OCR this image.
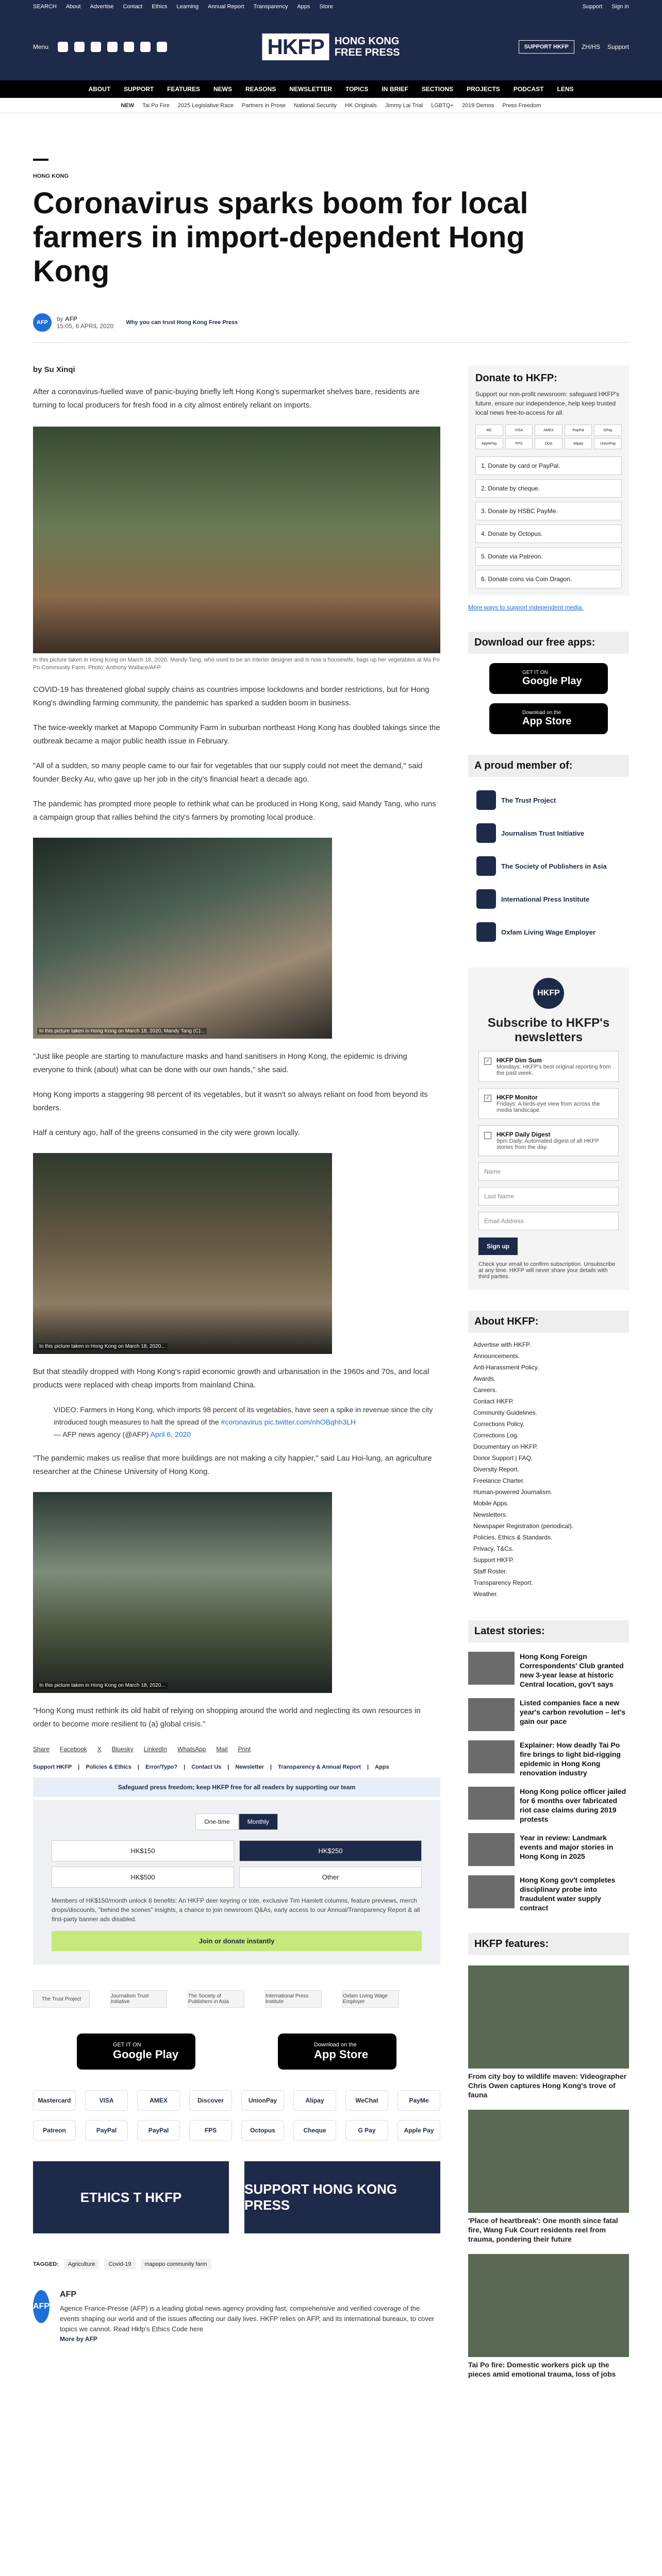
SEARCH About Advertise Contact Ethics Learning Annual Report Transparency Apps Store	Support Sign in
Menu	HKFP	HONG KONG
FREE PRESS	SUPPORT HKFP	ZH/HS Support
ABOUT SUPPORT FEATURES NEWS REASONS NEWSLETTER TOPICS IN BRIEF SECTIONS PROJECTS PODCAST LENS
NEW Tai Po Fire 2025 Legislative Race Partners in Prose National Security HK Originals Jimmy Lai Trial LGBTQ+ 2019 Demos Press Freedom
HONG KONG
Coronavirus sparks boom for local farmers in import-dependent Hong Kong
AFP	by AFP
15:05, 6 APRIL 2020 Why you can trust Hong Kong Free Press
by Su Xinqi

After a coronavirus-fuelled wave of panic-buying briefly left Hong Kong's supermarket shelves bare, residents are turning to local producers for fresh food in a city almost entirely reliant on imports.

In this picture taken in Hong Kong on March 18, 2020, Mandy Tang, who used to be an interior designer and is now a housewife, bags up her vegetables at Ma Po Po Community Farm. Photo: Anthony Wallace/AFP.

COVID-19 has threatened global supply chains as countries impose lockdowns and border restrictions, but for Hong Kong's dwindling farming community, the pandemic has sparked a sudden boom in business.

The twice-weekly market at Mapopo Community Farm in suburban northeast Hong Kong has doubled takings since the outbreak became a major public health issue in February.

"All of a sudden, so many people came to our fair for vegetables that our supply could not meet the demand," said founder Becky Au, who gave up her job in the city's financial heart a decade ago.

The pandemic has prompted more people to rethink what can be produced in Hong Kong, said Mandy Tang, who runs a campaign group that rallies behind the city's farmers by promoting local produce.

In this picture taken in Hong Kong on March 18, 2020, Mandy Tang (C)...

"Just like people are starting to manufacture masks and hand sanitisers in Hong Kong, the epidemic is driving everyone to think (about) what can be done with our own hands," she said.

Hong Kong imports a staggering 98 percent of its vegetables, but it wasn't so always reliant on food from beyond its borders.

Half a century ago, half of the greens consumed in the city were grown locally.

In this picture taken in Hong Kong on March 18, 2020...

But that steadily dropped with Hong Kong's rapid economic growth and urbanisation in the 1960s and 70s, and local products were replaced with cheap imports from mainland China.

VIDEO: Farmers in Hong Kong, which imports 98 percent of its vegetables, have seen a spike in revenue since the city introduced tough measures to halt the spread of the #coronavirus pic.twitter.com/nhOBqhh3LH
— AFP news agency (@AFP) April 6, 2020

"The pandemic makes us realise that more buildings are not making a city happier," said Lau Hoi-lung, an agriculture researcher at the Chinese University of Hong Kong.

In this picture taken in Hong Kong on March 18, 2020...

"Hong Kong must rethink its old habit of relying on shopping around the world and neglecting its own resources in order to become more resilient to (a) global crisis."

Share Facebook X Bluesky LinkedIn WhatsApp Mail Print
Support HKFP | Policies & Ethics | Error/Typo? | Contact Us | Newsletter | Transparency & Annual Report | Apps
Safeguard press freedom; keep HKFP free for all readers by supporting our team
One-time	Monthly
HK$150	HK$250
HK$500	Other
Members of HK$150/month unlock 8 benefits: An HKFP deer keyring or tote, exclusive Tim Hamlett columns, feature previews, merch drops/discounts, "behind the scenes" insights, a chance to join newsroom Q&As, early access to our Annual/Transparency Report & all first-party banner ads disabled.
Join or donate instantly
The Trust Project	Journalism Trust Initiative
The Society of Publishers in Asia
International Press Institute
Oxfam Living Wage Employer
GET IT ON
Google Play
Download on the
App Store
Mastercard	VISA	AMEX	Discover	UnionPay	Alipay	WeChat	PayMe
Patreon	PayPal	PayPal	FPS	Octopus	Cheque	G Pay	Apple Pay
ETHICS T HKFP
SUPPORT HONG KONG PRESS
TAGGED:	Agriculture	Covid-19	mapopo community farm
AFP
AFP

Agence France-Presse (AFP) is a leading global news agency providing fast, comprehensive and verified coverage of the events shaping our world and of the issues affecting our daily lives. HKFP relies on AFP, and its international bureaux, to cover topics we cannot. Read Hkfp's Ethics Code here

More by AFP
Donate to HKFP:
Support our non-profit newsroom: safeguard HKFP's future, ensure our independence, help keep trusted local news free-to-access for all.
MC	VISA	AMEX	PayPal	GPay
ApplePay	FPS	Octo	Alipay	UnionPay
1. Donate by card or PayPal.
2. Donate by cheque.
3. Donate by HSBC PayMe.
4. Donate by Octopus.
5. Donate via Patreon.
6. Donate coins via Coin Dragon.
More ways to support independent media.
Download our free apps:
GET IT ON
Google Play
Download on the
App Store
A proud member of:
The Trust Project
Journalism Trust Initiative
The Society of Publishers in Asia
International Press Institute
Oxfam Living Wage Employer
HKFP
Subscribe to HKFP's newsletters
✓ HKFP Dim Sum
Mondays: HKFP's best original reporting from the past week.
✓ HKFP Monitor
Fridays: A birds-eye view from across the media landscape.
HKFP Daily Digest
9pm Daily: Automated digest of all HKFP stories from the day.
Name
Last Name
Email Address
Sign up
Check your email to confirm subscription. Unsubscribe at any time. HKFP will never share your details with third parties.
About HKFP:
Advertise with HKFP.
Announcements.
Anti-Harassment Policy.
Awards.
Careers.
Contact HKFP.
Community Guidelines.
Corrections Policy.
Corrections Log.
Documentary on HKFP.
Donor Support | FAQ.
Diversity Report.
Freelance Charter.
Human-powered Journalism.
Mobile Apps.
Newsletters.
Newspaper Registration (periodical).
Policies, Ethics & Standards.
Privacy, T&Cs.
Support HKFP.
Staff Roster.
Transparency Report.
Weather.
Latest stories:
Hong Kong Foreign Correspondents' Club granted new 3-year lease at historic Central location, gov't says
Listed companies face a new year's carbon revolution – let's gain our pace
Explainer: How deadly Tai Po fire brings to light bid-rigging epidemic in Hong Kong renovation industry
Hong Kong police officer jailed for 6 months over fabricated riot case claims during 2019 protests
Year in review: Landmark events and major stories in Hong Kong in 2025
Hong Kong gov't completes disciplinary probe into fraudulent water supply contract
HKFP features:
From city boy to wildlife maven: Videographer Chris Owen captures Hong Kong's trove of fauna
'Place of heartbreak': One month since fatal fire, Wang Fuk Court residents reel from trauma, pondering their future
Tai Po fire: Domestic workers pick up the pieces amid emotional trauma, loss of jobs
